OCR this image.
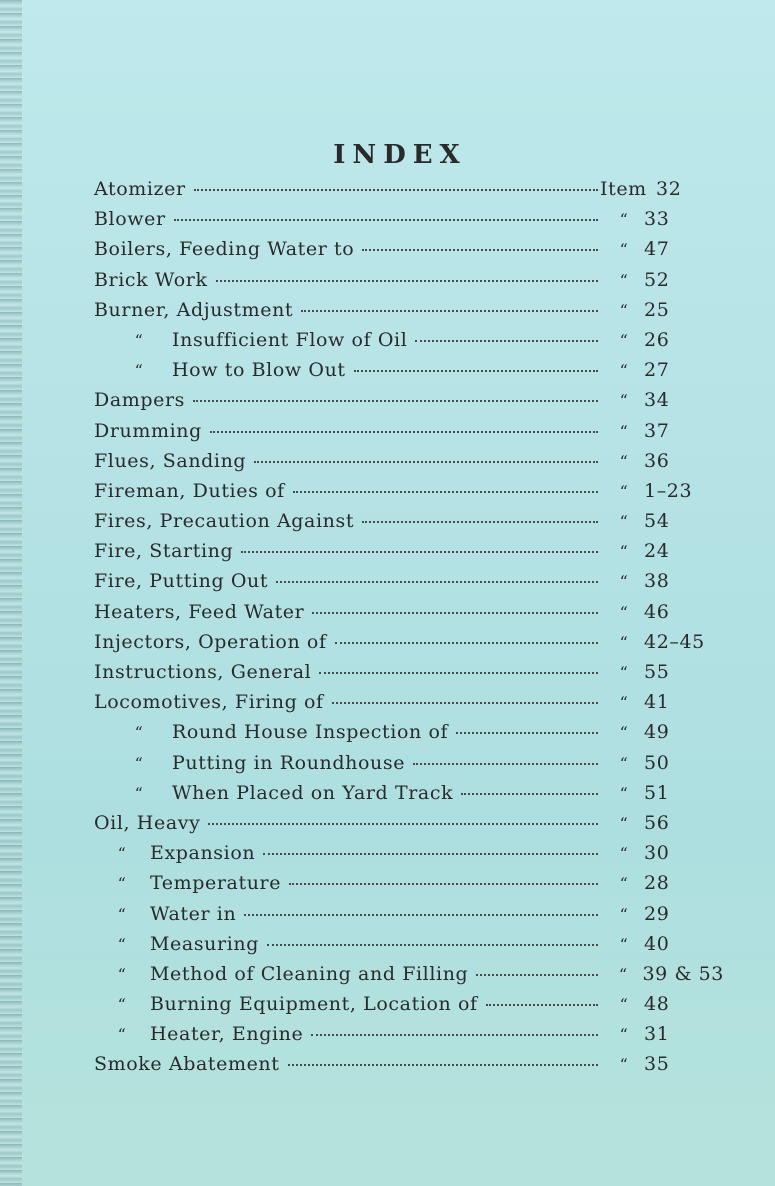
INDEX
Atomizer	Item 32
Blower	“ 33
Boilers, Feeding Water to	“ 47
Brick Work	“ 52
Burner, Adjustment	“ 25
“	Insufficient Flow of Oil	“ 26
“	How to Blow Out	“ 27
Dampers	“ 34
Drumming	“ 37
Flues, Sanding	“ 36
Fireman, Duties of	“ 1–23
Fires, Precaution Against	“ 54
Fire, Starting	“ 24
Fire, Putting Out	“ 38
Heaters, Feed Water	“ 46
Injectors, Operation of	“ 42–45
Instructions, General	“ 55
Locomotives, Firing of	“ 41
“	Round House Inspection of	“ 49
“	Putting in Roundhouse	“ 50
“	When Placed on Yard Track	“ 51
Oil, Heavy	“ 56
“	Expansion	“ 30
“	Temperature	“ 28
“	Water in	“ 29
“	Measuring	“ 40
“	Method of Cleaning and Filling	“ 39 & 53
“	Burning Equipment, Location of	“ 48
“	Heater, Engine	“ 31
Smoke Abatement	“ 35
